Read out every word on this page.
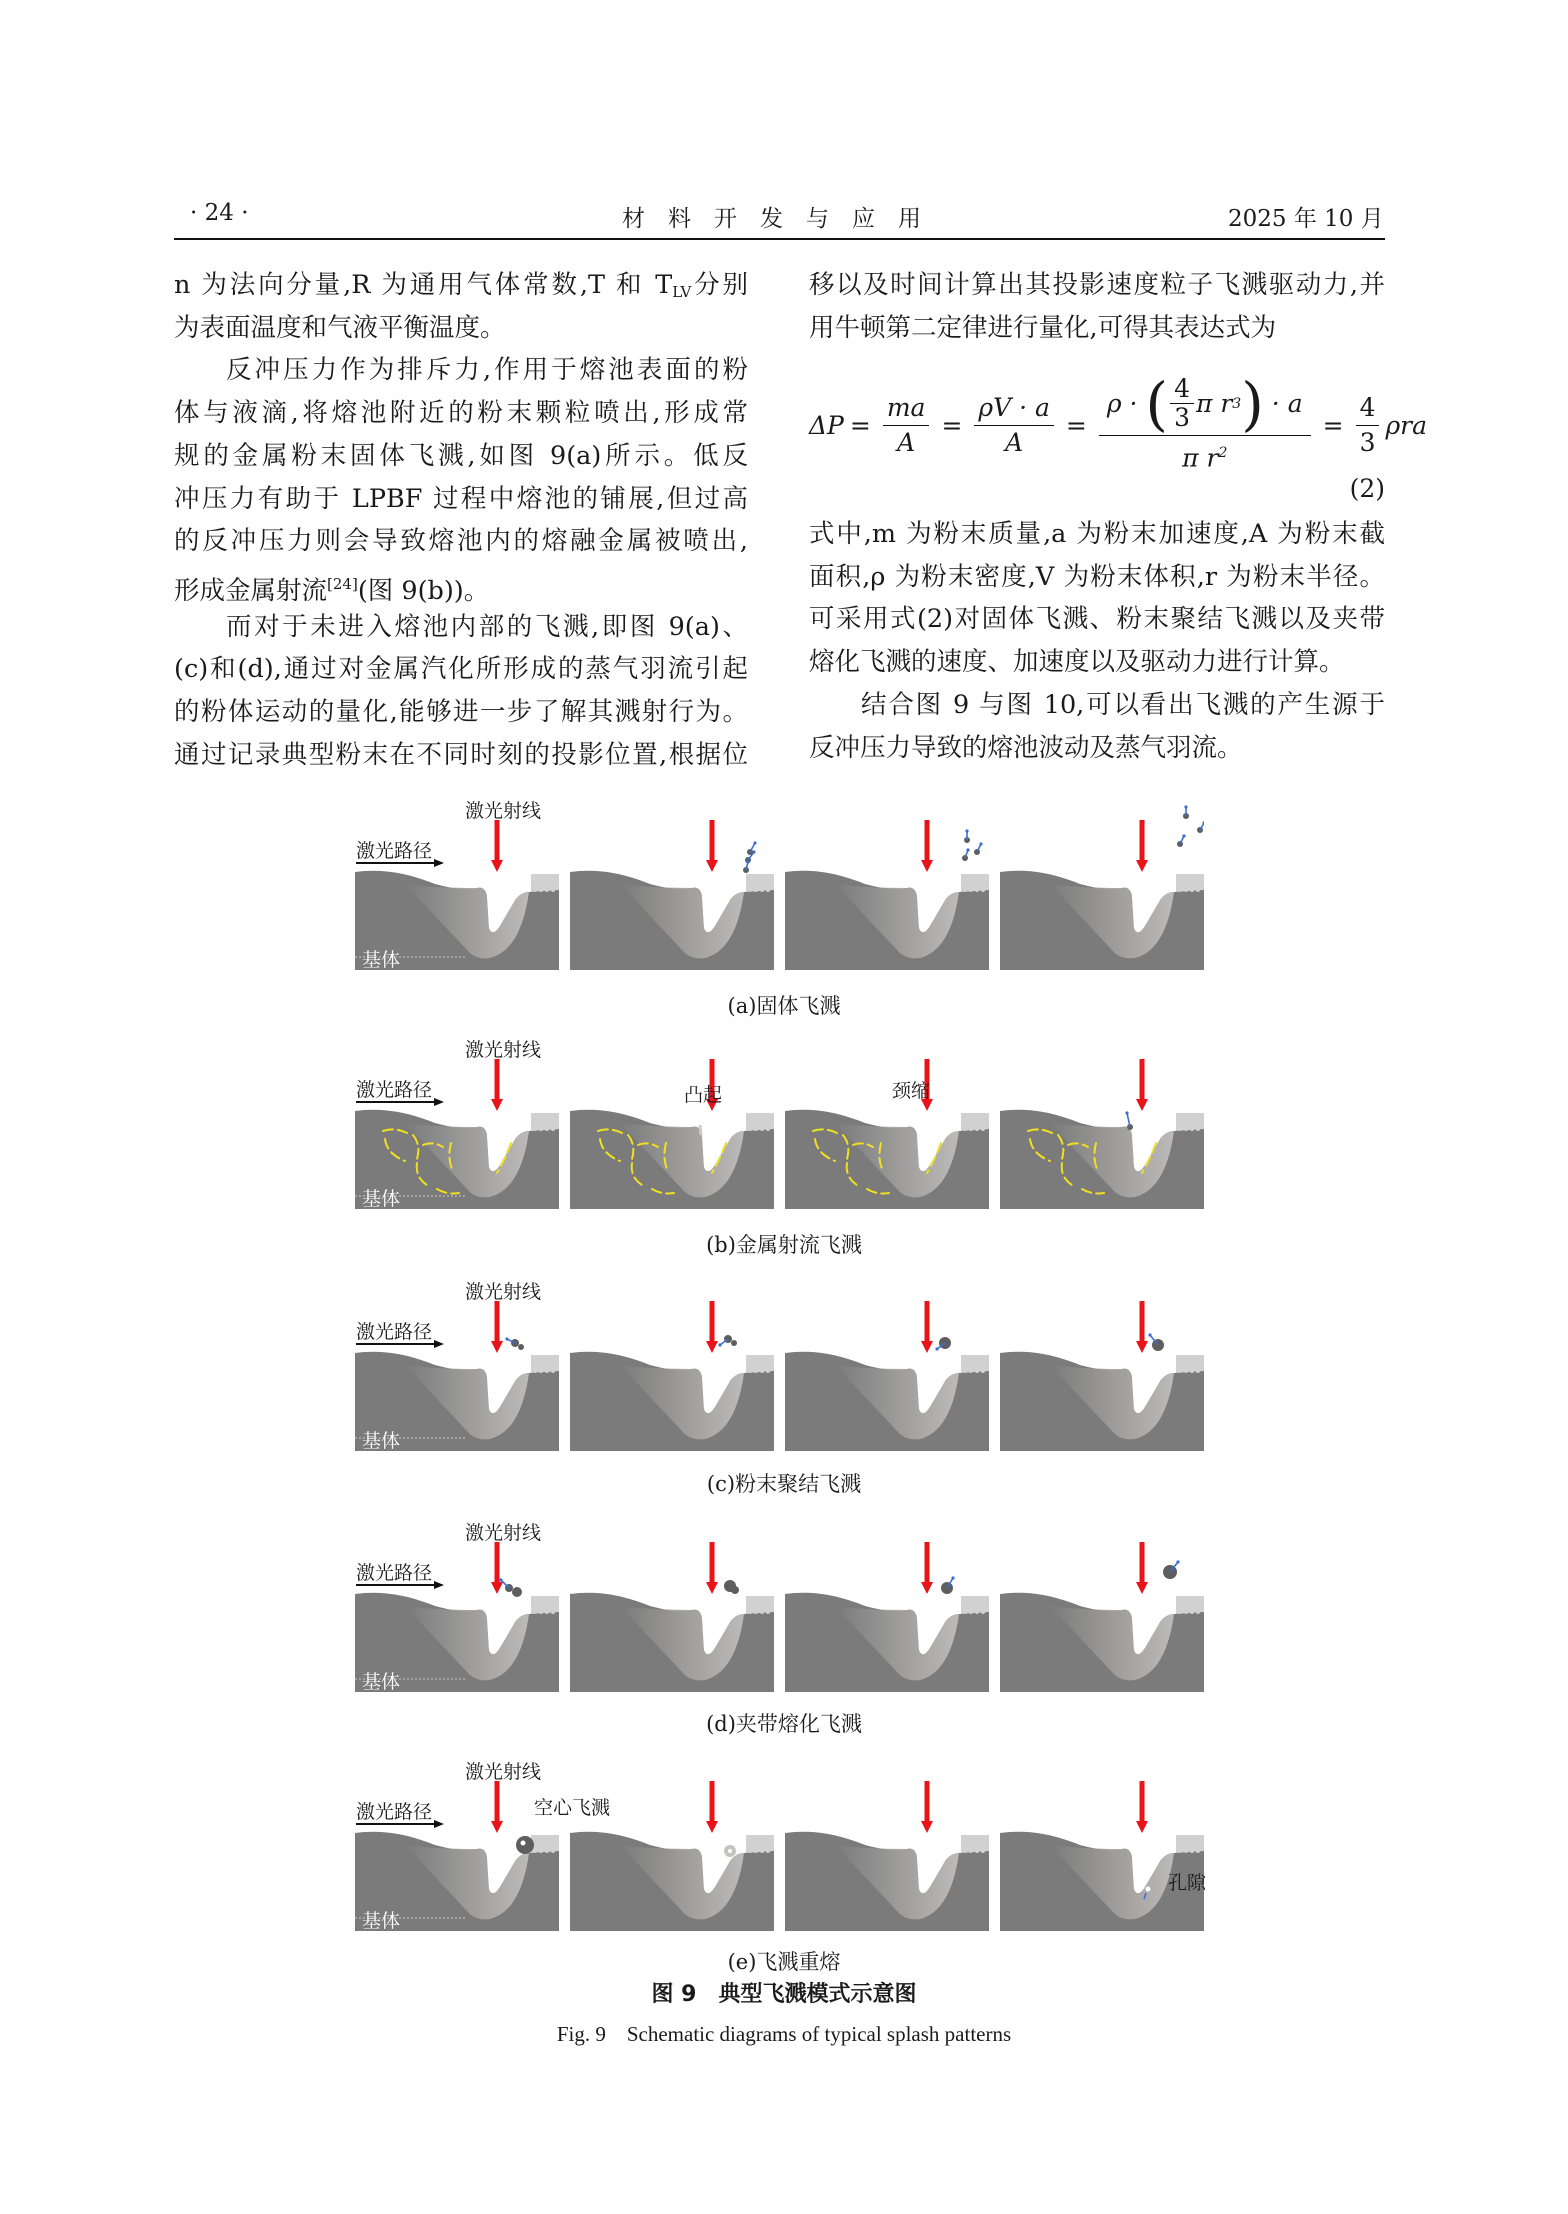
· 24 ·	材　料　开　发　与　应　用	2025 年 10 月
n 为法向分量,R 为通用气体常数,T 和 $T_{LV}$分别
为表面温度和气液平衡温度。
反冲压力作为排斥力,作用于熔池表面的粉
体与液滴,将熔池附近的粉末颗粒喷出,形成常
规的金属粉末固体飞溅,如图 9(a)所示。低反
冲压力有助于 LPBF 过程中熔池的铺展,但过高
的反冲压力则会导致熔池内的熔融金属被喷出,
形成金属射流[24](图 9(b))。
而对于未进入熔池内部的飞溅,即图 9(a)、
(c)和(d),通过对金属汽化所形成的蒸气羽流引起
的粉体运动的量化,能够进一步了解其溅射行为。
通过记录典型粉末在不同时刻的投影位置,根据位
移以及时间计算出其投影速度粒子飞溅驱动力,并
用牛顿第二定律进行量化,可得其表达式为
式中,m 为粉末质量,a 为粉末加速度,A 为粉末截
面积,ρ 为粉末密度,V 为粉末体积,r 为粉末半径。
可采用式(2)对固体飞溅、粉末聚结飞溅以及夹带
熔化飞溅的速度、加速度以及驱动力进行计算。
结合图 9 与图 10,可以看出飞溅的产生源于
反冲压力导致的熔池波动及蒸气羽流。
$\Delta P = \frac{ma}{A} = \frac{\rho V \cdot a}{A} = \frac{\rho \cdot ( \frac{4}{3} \pi r 3 ) \cdot a}{\pi r^2} = \frac{4}{3}$ ρra
(2)
激光射线
激光路径
基体
(a)固体飞溅
激光射线
激光路径
基体
(b)金属射流飞溅
激光射线
激光路径
基体
(c)粉末聚结飞溅
激光射线
激光路径
基体
(d)夹带熔化飞溅
激光射线
激光路径
基体
(e)飞溅重熔
凸起	颈缩
空心飞溅
孔隙
图 9　典型飞溅模式示意图
Fig. 9　Schematic diagrams of typical splash patterns
